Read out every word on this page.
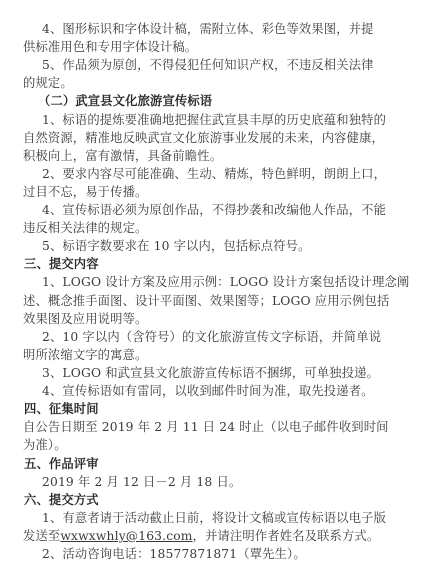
4、图形标识和字体设计稿，需附立体、彩色等效果图，并提
供标准用色和专用字体设计稿。
5、作品须为原创，不得侵犯任何知识产权，不违反相关法律
的规定。
（二）武宣县文化旅游宣传标语
1、标语的提炼要准确地把握住武宣县丰厚的历史底蕴和独特的
自然资源，精准地反映武宣文化旅游事业发展的未来，内容健康，
积极向上，富有激情，具备前瞻性。
2、要求内容尽可能准确、生动、精炼，特色鲜明，朗朗上口，
过目不忘，易于传播。
4、宣传标语必须为原创作品，不得抄袭和改编他人作品，不能
违反相关法律的规定。
5、标语字数要求在 10 字以内，包括标点符号。
三、提交内容
1、LOGO 设计方案及应用示例：LOGO 设计方案包括设计理念阐
述、概念推手面图、设计平面图、效果图等；LOGO 应用示例包括
效果图及应用说明等。
2、10 字以内（含符号）的文化旅游宣传文字标语，并简单说
明所浓缩文字的寓意。
3、LOGO 和武宣县文化旅游宣传标语不捆绑，可单独投递。
4、宣传标语如有雷同，以收到邮件时间为准，取先投递者。
四、征集时间
自公告日期至 2019 年 2 月 11 日 24 时止（以电子邮件收到时间
为准）。
五、作品评审
2019 年 2 月 12 日－2 月 18 日。
六、提交方式
1、有意者请于活动截止日前，将设计文稿或宣传标语以电子版
发送至wxwxwhly@163.com，并请注明作者姓名及联系方式。
2、活动咨询电话：18577871871（覃先生）。
